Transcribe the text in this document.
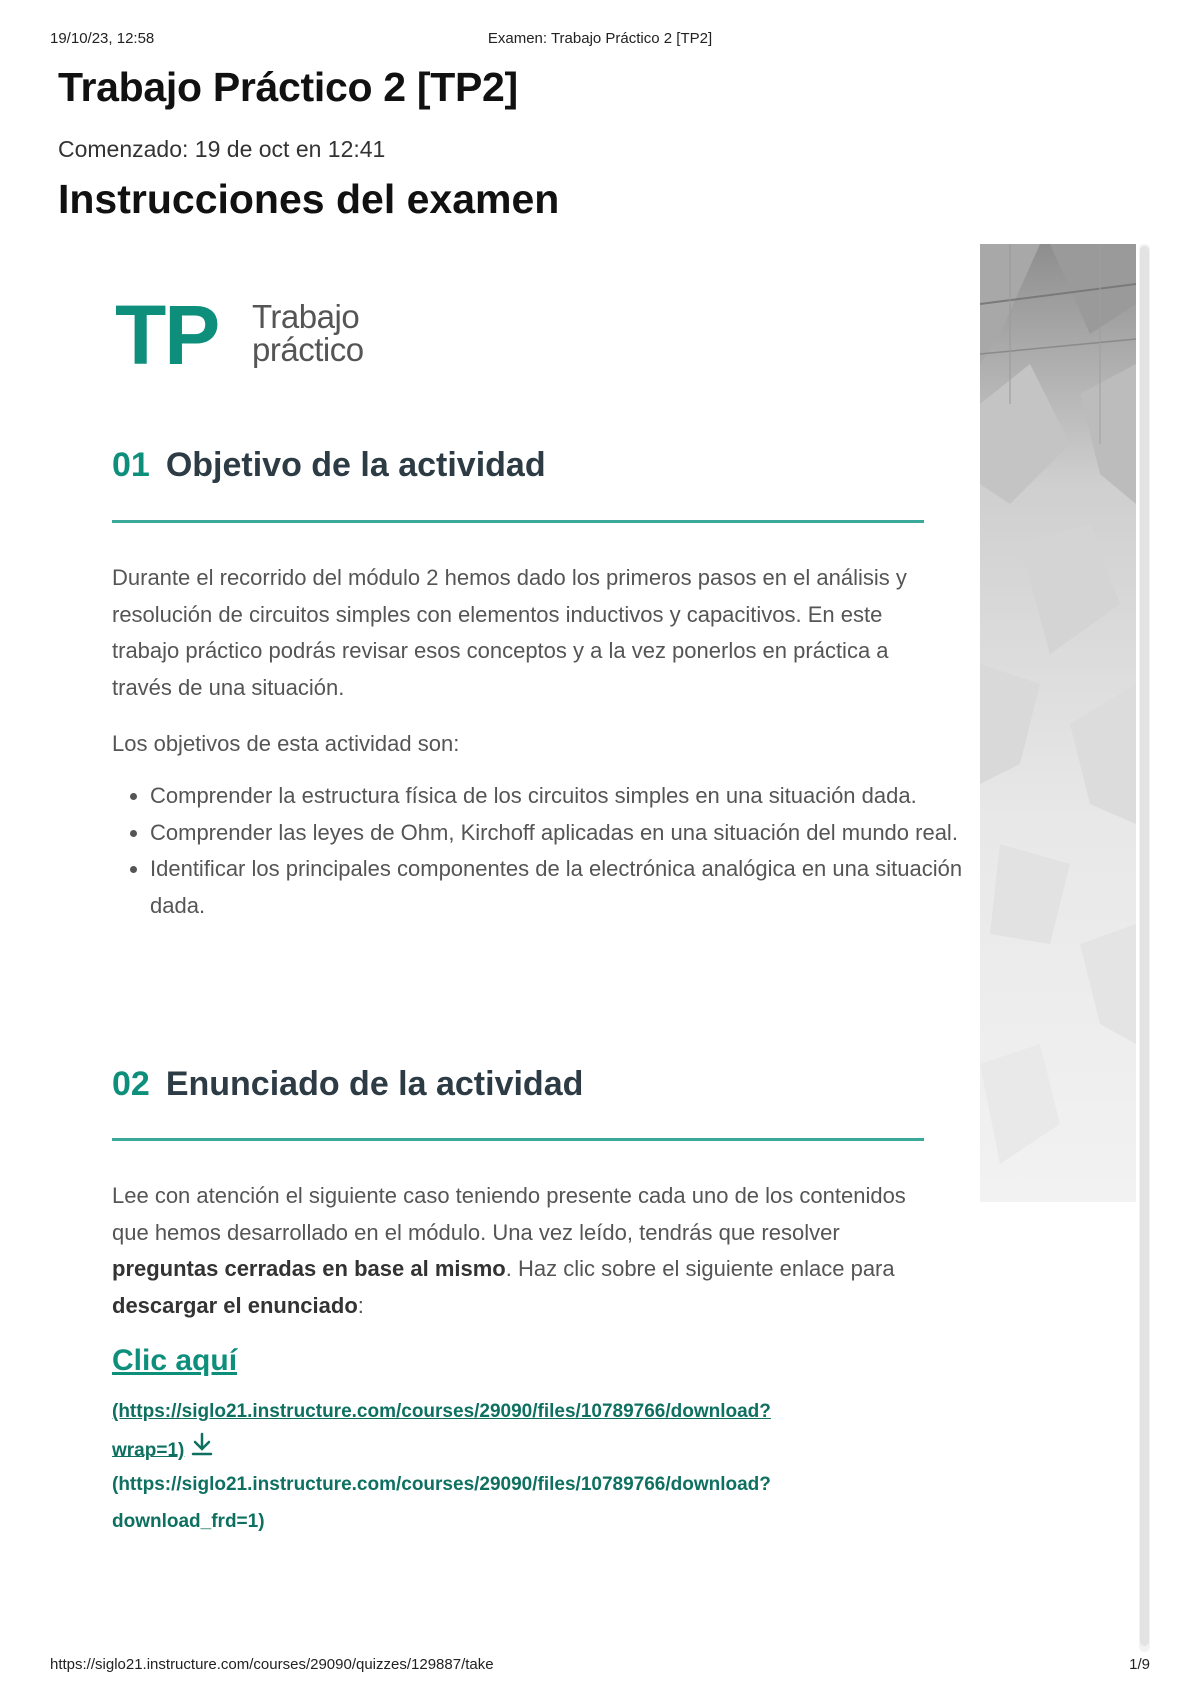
19/10/23, 12:58	Examen: Trabajo Práctico 2 [TP2]
Trabajo Práctico 2 [TP2]
Comenzado: 19 de oct en 12:41
Instrucciones del examen
TP Trabajo
práctico
01 Objetivo de la actividad

Durante el recorrido del módulo 2 hemos dado los primeros pasos en el análisis y resolución de circuitos simples con elementos inductivos y capacitivos. En este trabajo práctico podrás revisar esos conceptos y a la vez ponerlos en práctica a través de una situación.

Los objetivos de esta actividad son:

• Comprender la estructura física de los circuitos simples en una situación dada.
• Comprender las leyes de Ohm, Kirchoff aplicadas en una situación del mundo real.
• Identificar los principales componentes de la electrónica analógica en una situación dada.
02 Enunciado de la actividad

Lee con atención el siguiente caso teniendo presente cada uno de los contenidos que hemos desarrollado en el módulo. Una vez leído, tendrás que resolver preguntas cerradas en base al mismo. Haz clic sobre el siguiente enlace para descargar el enunciado:

Clic aquí
(https://siglo21.instructure.com/courses/29090/files/10789766/download?
wrap=1)
(https://siglo21.instructure.com/courses/29090/files/10789766/download?
download_frd=1)
https://siglo21.instructure.com/courses/29090/quizzes/129887/take	1/9
